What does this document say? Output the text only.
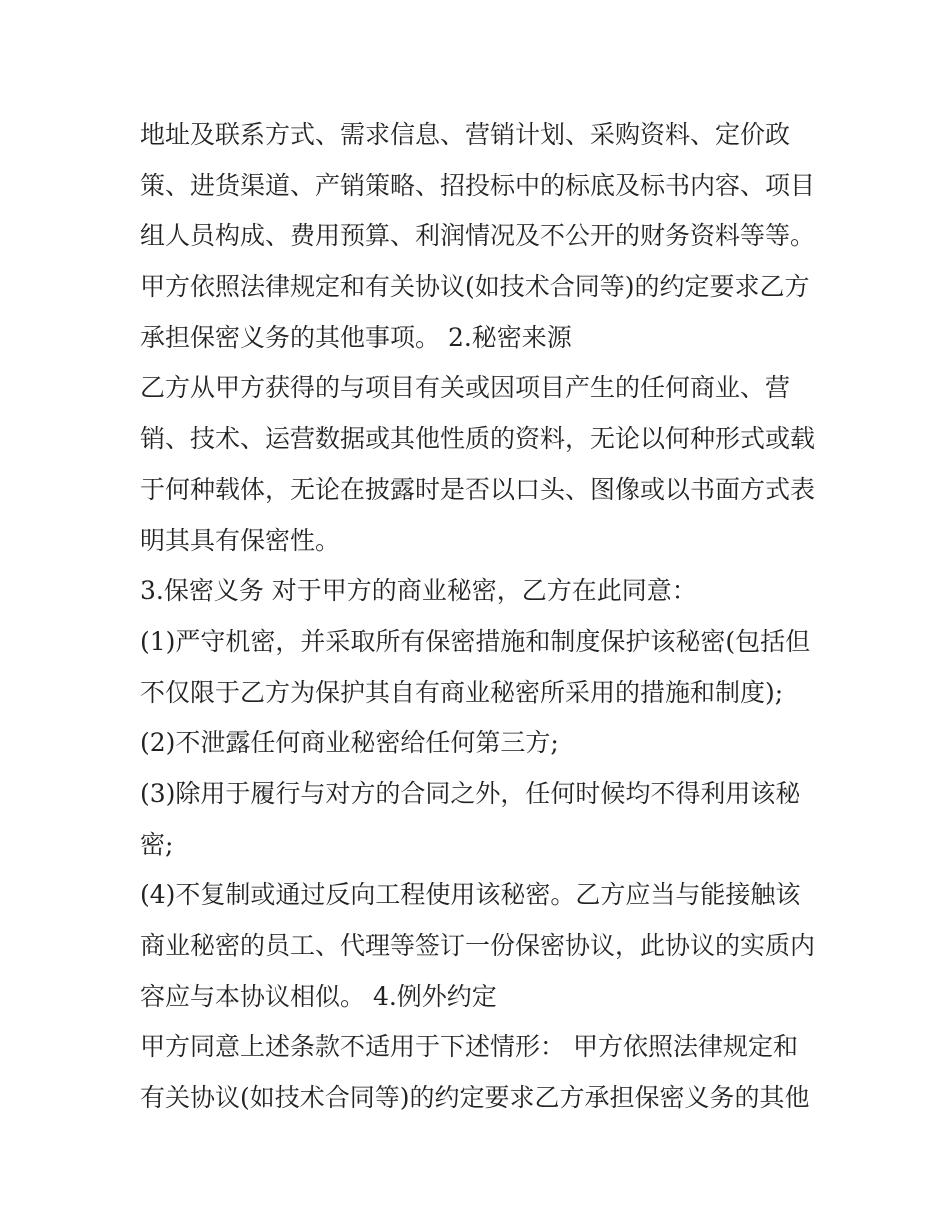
地址及联系方式、需求信息、营销计划、采购资料、定价政
策、进货渠道、产销策略、招投标中的标底及标书内容、项目
组人员构成、费用预算、利润情况及不公开的财务资料等等。
甲方依照法律规定和有关协议(如技术合同等)的约定要求乙方
承担保密义务的其他事项。 2.秘密来源
乙方从甲方获得的与项目有关或因项目产生的任何商业、营
销、技术、运营数据或其他性质的资料，无论以何种形式或载
于何种载体，无论在披露时是否以口头、图像或以书面方式表
明其具有保密性。
3.保密义务 对于甲方的商业秘密，乙方在此同意：
(1)严守机密，并采取所有保密措施和制度保护该秘密(包括但
不仅限于乙方为保护其自有商业秘密所采用的措施和制度);
(2)不泄露任何商业秘密给任何第三方;
(3)除用于履行与对方的合同之外，任何时候均不得利用该秘
密;
(4)不复制或通过反向工程使用该秘密。乙方应当与能接触该
商业秘密的员工、代理等签订一份保密协议，此协议的实质内
容应与本协议相似。 4.例外约定
甲方同意上述条款不适用于下述情形： 甲方依照法律规定和
有关协议(如技术合同等)的约定要求乙方承担保密义务的其他
